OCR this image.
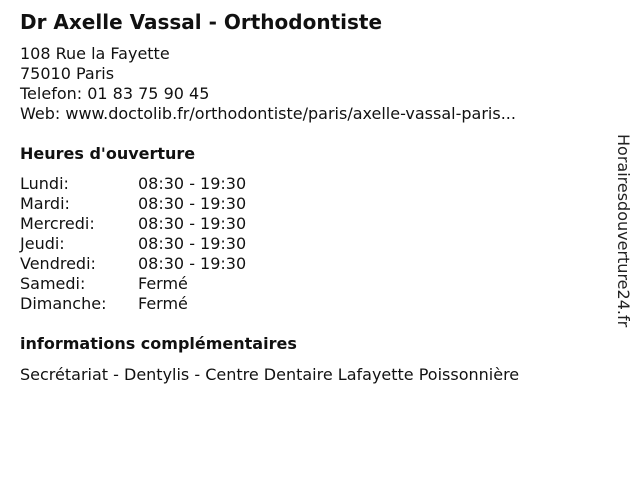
Dr Axelle Vassal - Orthodontiste
108 Rue la Fayette
75010 Paris
Telefon: 01 83 75 90 45
Web: www.doctolib.fr/orthodontiste/paris/axelle-vassal-paris...
Heures d'ouverture
Lundi:	08:30 - 19:30
Mardi:	08:30 - 19:30
Mercredi:	08:30 - 19:30
Jeudi:	08:30 - 19:30
Vendredi:	08:30 - 19:30
Samedi:	Fermé
Dimanche: Fermé
informations complémentaires
Secrétariat - Dentylis - Centre Dentaire Lafayette Poissonnière
Horairesdouverture24.fr
